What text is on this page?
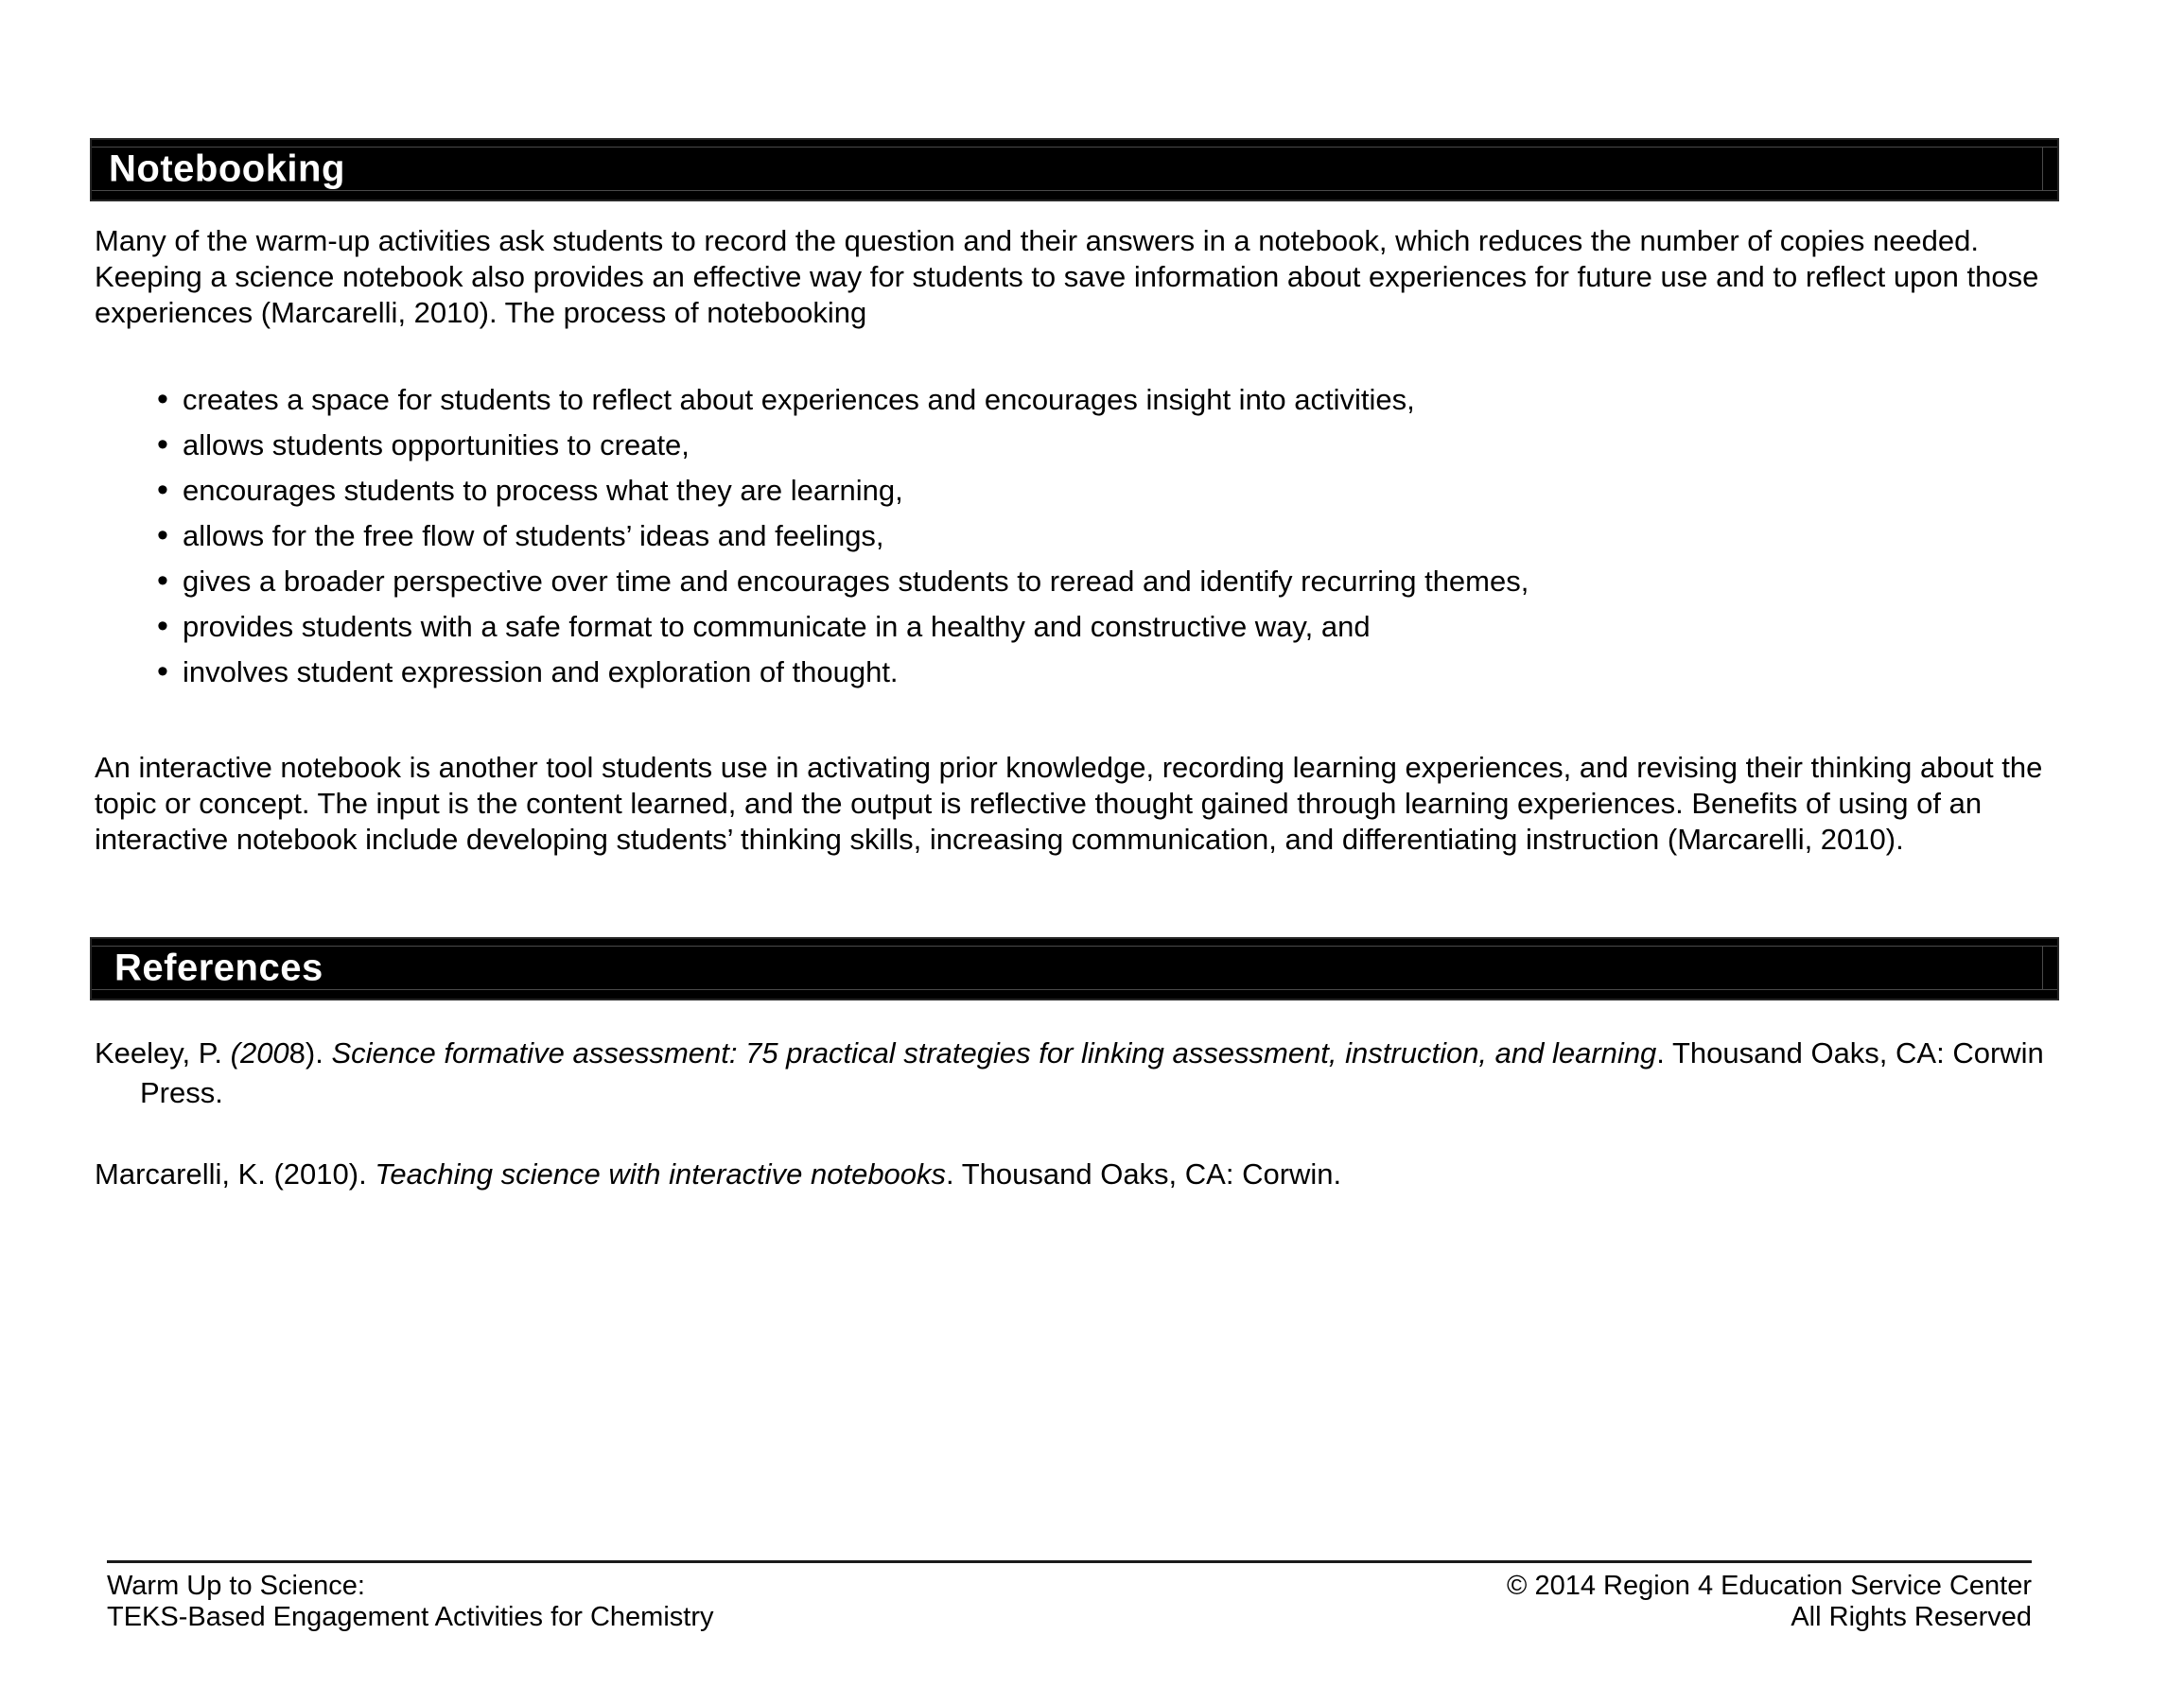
Notebooking

Many of the warm-up activities ask students to record the question and their answers in a notebook, which reduces the number of copies needed. Keeping a science notebook also provides an effective way for students to save information about experiences for future use and to reflect upon those experiences (Marcarelli, 2010). The process of notebooking

• creates a space for students to reflect about experiences and encourages insight into activities,
• allows students opportunities to create,
• encourages students to process what they are learning,
• allows for the free flow of students’ ideas and feelings,
• gives a broader perspective over time and encourages students to reread and identify recurring themes,
• provides students with a safe format to communicate in a healthy and constructive way, and
• involves student expression and exploration of thought.

An interactive notebook is another tool students use in activating prior knowledge, recording learning experiences, and revising their thinking about the topic or concept. The input is the content learned, and the output is reflective thought gained through learning experiences. Benefits of using of an interactive notebook include developing students’ thinking skills, increasing communication, and differentiating instruction (Marcarelli, 2010).

References

Keeley, P. (2008). Science formative assessment: 75 practical strategies for linking assessment, instruction, and learning. Thousand Oaks, CA: Corwin Press.

Marcarelli, K. (2010). Teaching science with interactive notebooks. Thousand Oaks, CA: Corwin.

Warm Up to Science:
TEKS-Based Engagement Activities for Chemistry
© 2014 Region 4 Education Service Center
All Rights Reserved
